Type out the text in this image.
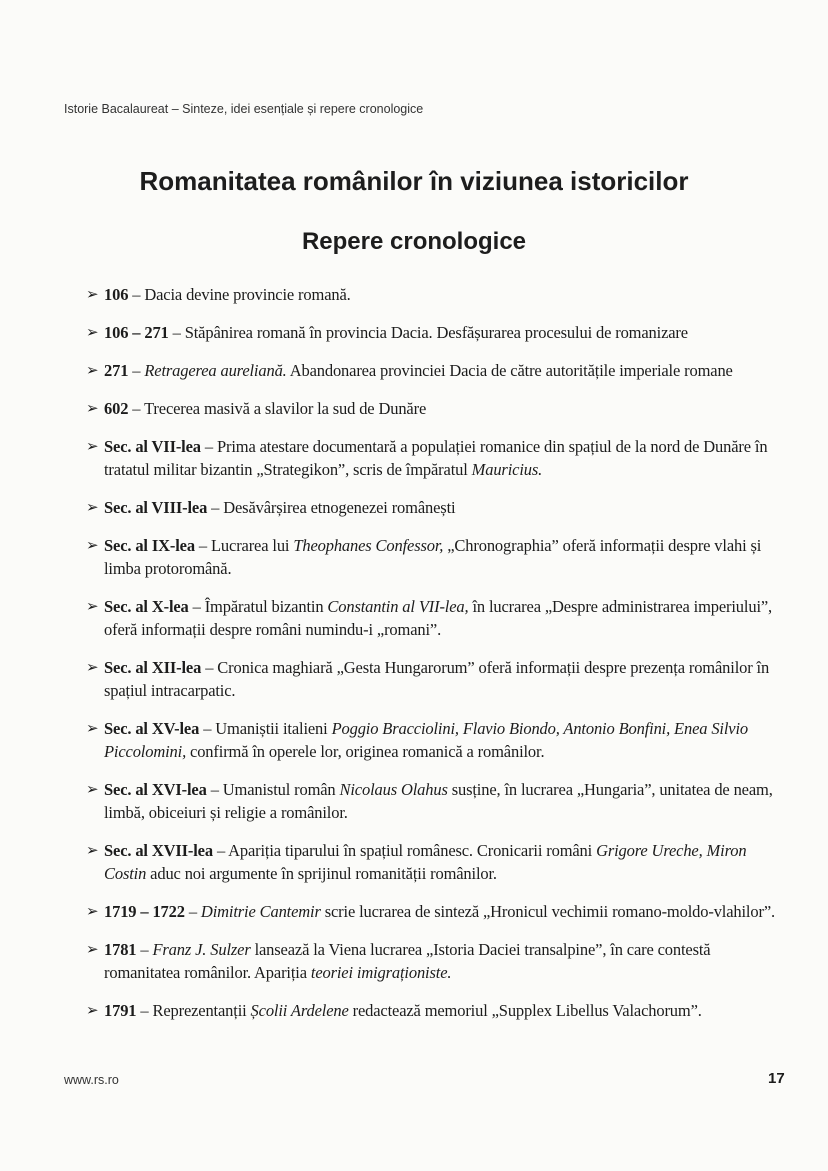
Istorie Bacalaureat – Sinteze, idei esențiale și repere cronologice
Romanitatea românilor în viziunea istoricilor
Repere cronologice
➢ 106 – Dacia devine provincie romană.
➢ 106 – 271 – Stăpânirea romană în provincia Dacia. Desfășurarea procesului de romanizare
➢ 271 – Retragerea aureliană. Abandonarea provinciei Dacia de către autoritățile imperiale romane
➢ 602 – Trecerea masivă a slavilor la sud de Dunăre
➢ Sec. al VII-lea – Prima atestare documentară a populației romanice din spațiul de la nord de Dunăre în tratatul militar bizantin „Strategikon”, scris de împăratul Mauricius.
➢ Sec. al VIII-lea – Desăvârșirea etnogenezei românești
➢ Sec. al IX-lea – Lucrarea lui Theophanes Confessor, „Chronographia” oferă informații despre vlahi și limba protoromână.
➢ Sec. al X-lea – Împăratul bizantin Constantin al VII-lea, în lucrarea „Despre administrarea imperiului”, oferă informații despre români numindu-i „romani”.
➢ Sec. al XII-lea – Cronica maghiară „Gesta Hungarorum” oferă informații despre prezența românilor în spațiul intracarpatic.
➢ Sec. al XV-lea – Umaniștii italieni Poggio Bracciolini, Flavio Biondo, Antonio Bonfini, Enea Silvio Piccolomini, confirmă în operele lor, originea romanică a românilor.
➢ Sec. al XVI-lea – Umanistul român Nicolaus Olahus susține, în lucrarea „Hungaria”, unitatea de neam, limbă, obiceiuri și religie a românilor.
➢ Sec. al XVII-lea – Apariția tiparului în spațiul românesc. Cronicarii români Grigore Ureche, Miron Costin aduc noi argumente în sprijinul romanității românilor.
➢ 1719 – 1722 – Dimitrie Cantemir scrie lucrarea de sinteză „Hronicul vechimii romano-moldo-vlahilor”.
➢ 1781 – Franz J. Sulzer lansează la Viena lucrarea „Istoria Daciei transalpine”, în care contestă romanitatea românilor. Apariția teoriei imigraționiste.
➢ 1791 – Reprezentanții Școlii Ardelene redactează memoriul „Supplex Libellus Valachorum”.
www.rs.ro	17
